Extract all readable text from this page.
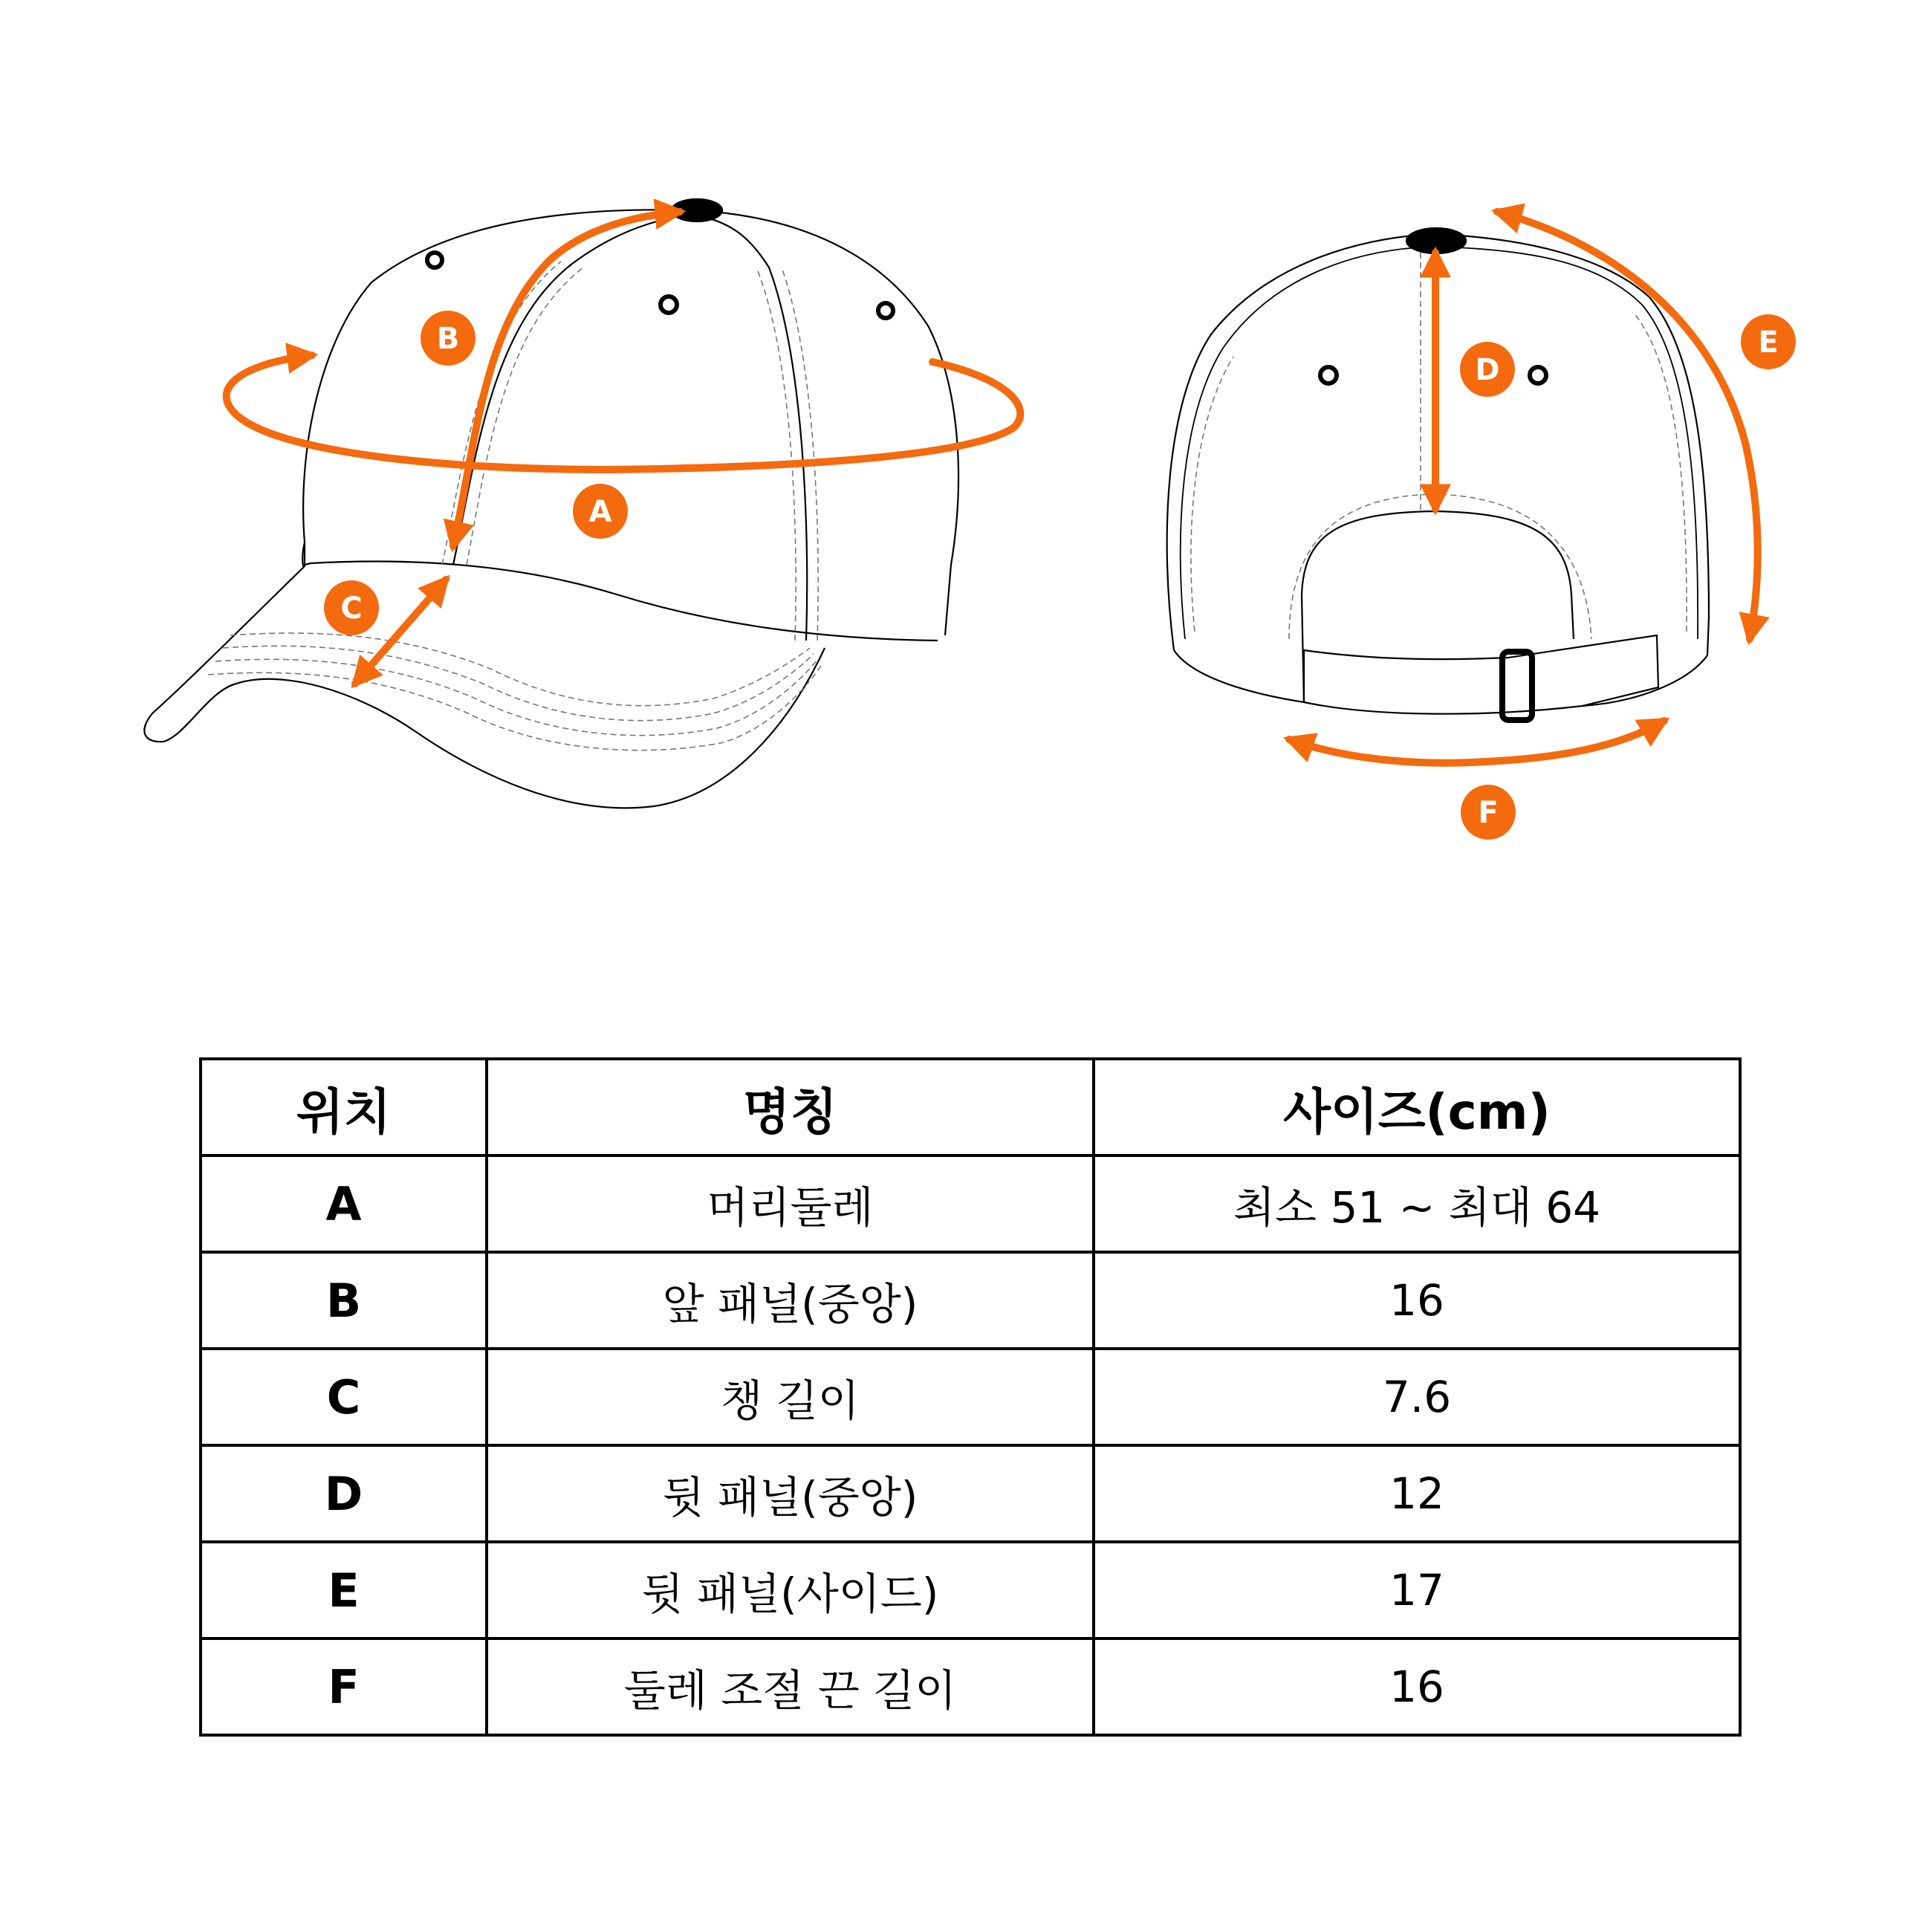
A
B
C
D
E
F
위치	명칭	사이즈(cm)
A	머리둘레	최소 51 ~ 최대 64
B	앞 패널(중앙)	16
C	챙 길이	7.6
D	뒷 패널(중앙)	12
E	뒷 패널(사이드)	17
F	둘레 조절 끈 길이	16
